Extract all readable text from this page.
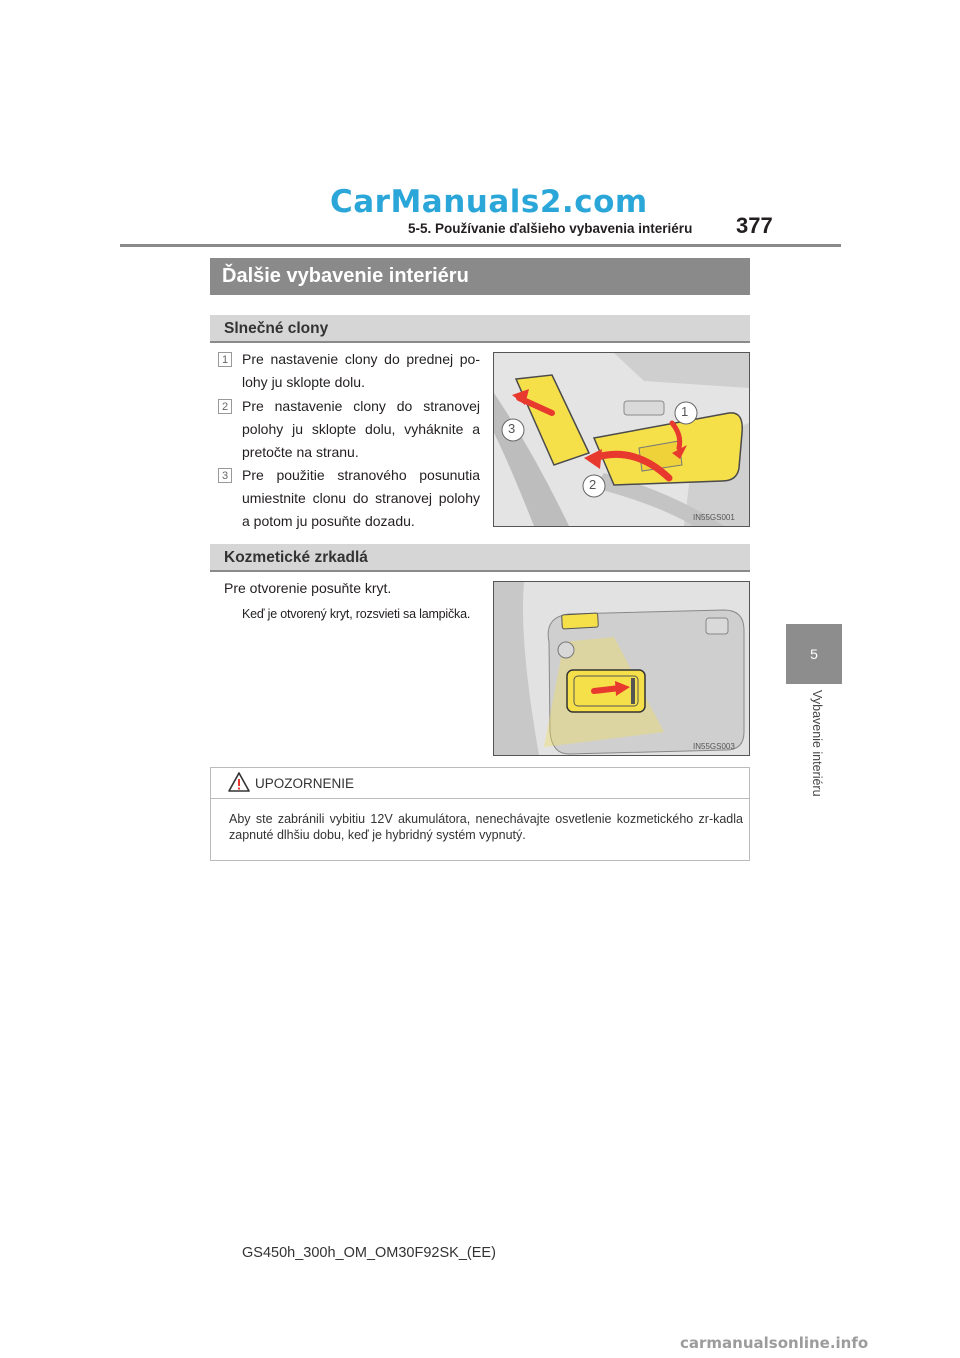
CarManuals2.com
carmanualsonline.info
5-5. Používanie ďalšieho vybavenia interiéru 377
5
Vybavenie interiéru
Ďalšie vybavenie interiéru
Slnečné clony
1 Pre nastavenie clony do prednej po-lohy ju sklopte dolu.
2 Pre nastavenie clony do stranovej polohy ju sklopte dolu, vyháknite a pretočte na stranu.
3 Pre použitie stranového posunutia umiestnite clonu do stranovej polohy a potom ju posuňte dozadu.
1
2
3
IN55GS001
Kozmetické zrkadlá
Pre otvorenie posuňte kryt.
Keď je otvorený kryt, rozsvieti sa lampička.
IN55GS003
UPOZORNENIE
Aby ste zabránili vybitiu 12V akumulátora, nenechávajte osvetlenie kozmetického zr-kadla zapnuté dlhšiu dobu, keď je hybridný systém vypnutý.
GS450h_300h_OM_OM30F92SK_(EE)
